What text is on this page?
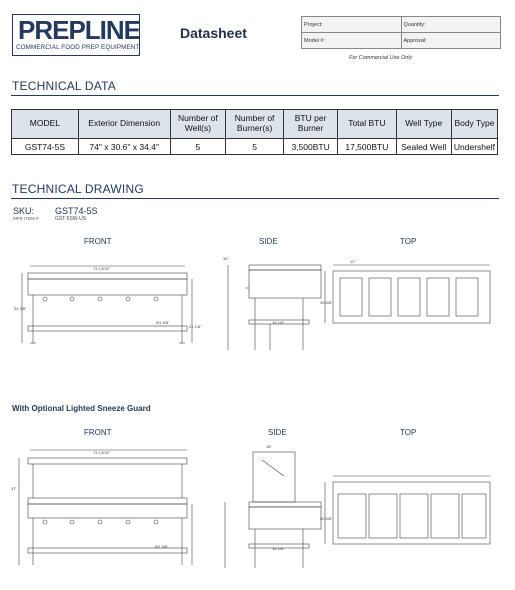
PREPLINE
COMMERCIAL FOOD PREP EQUIPMENT
Datasheet
Project:	Quantity:
Model #:	Approval:
For Commercial Use Only
TECHNICAL DATA
MODEL	Exterior Dimension	Number of Well(s)	Number of Burner(s)	BTU per Burner	Total BTU	Well Type	Body Type
GST74-5S	74" x 30.6" x 34.4"	5	5	3,500BTU	17,500BTU	Sealed Well	Undershelf
TECHNICAL DRAWING
SKU: GST74-5S
MFR ITEM #:	GST-5SW-US
FRONT	SIDE	TOP
73 13/16"
34 3/8"
21 1/8"
Ø1 5/8"
30"
18 1/8"
12"
30 5/8"
With Optional Lighted Sneeze Guard
FRONT	SIDE	TOP
73 13/16"
37"
Ø1 5/8"
16"
18 1/8"
30 5/8"
